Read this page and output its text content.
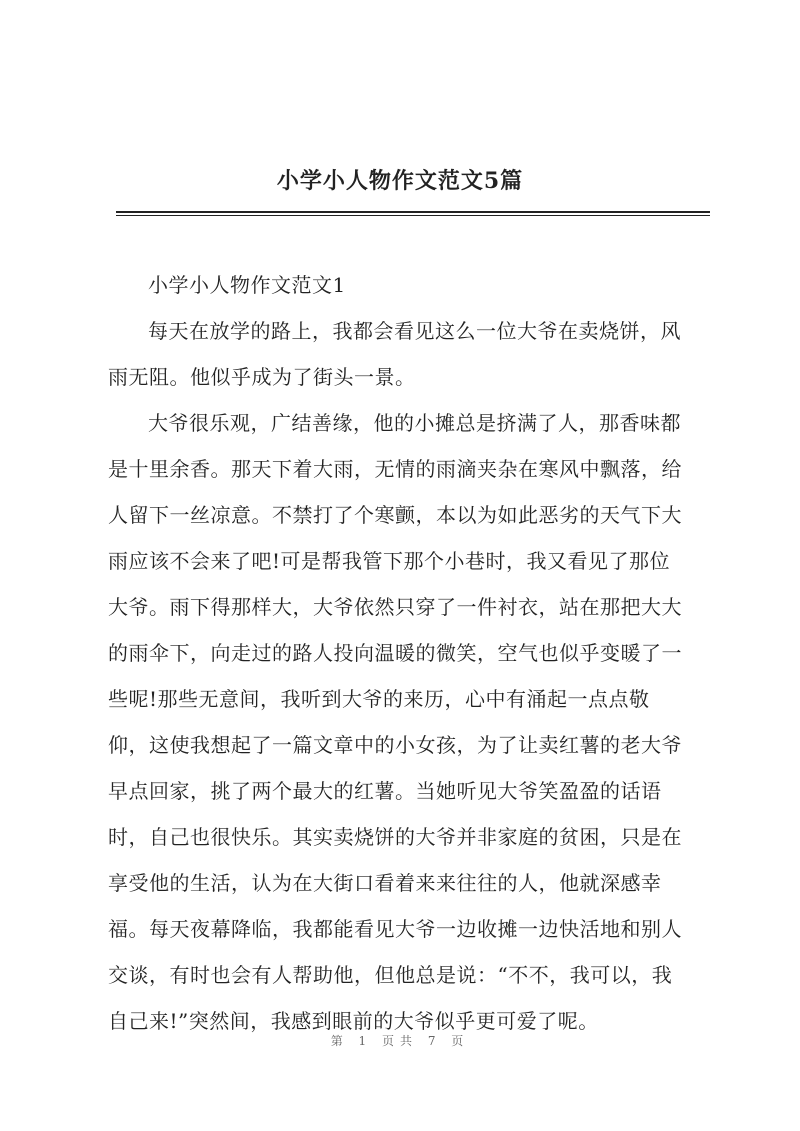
小学小人物作文范文5篇

小学小人物作文范文1

每天在放学的路上，我都会看见这么一位大爷在卖烧饼，风

雨无阻。他似乎成为了街头一景。

大爷很乐观，广结善缘，他的小摊总是挤满了人，那香味都

是十里余香。那天下着大雨，无情的雨滴夹杂在寒风中飘落，给

人留下一丝凉意。不禁打了个寒颤，本以为如此恶劣的天气下大

雨应该不会来了吧!可是帮我管下那个小巷时，我又看见了那位

大爷。雨下得那样大，大爷依然只穿了一件衬衣，站在那把大大

的雨伞下，向走过的路人投向温暖的微笑，空气也似乎变暖了一

些呢!那些无意间，我听到大爷的来历，心中有涌起一点点敬

仰，这使我想起了一篇文章中的小女孩，为了让卖红薯的老大爷

早点回家，挑了两个最大的红薯。当她听见大爷笑盈盈的话语

时，自己也很快乐。其实卖烧饼的大爷并非家庭的贫困，只是在

享受他的生活，认为在大街口看着来来往往的人，他就深感幸

福。每天夜幕降临，我都能看见大爷一边收摊一边快活地和别人

交谈，有时也会有人帮助他，但他总是说：“不不，我可以，我

自己来!”突然间，我感到眼前的大爷似乎更可爱了呢。

第 1 页共 7 页
